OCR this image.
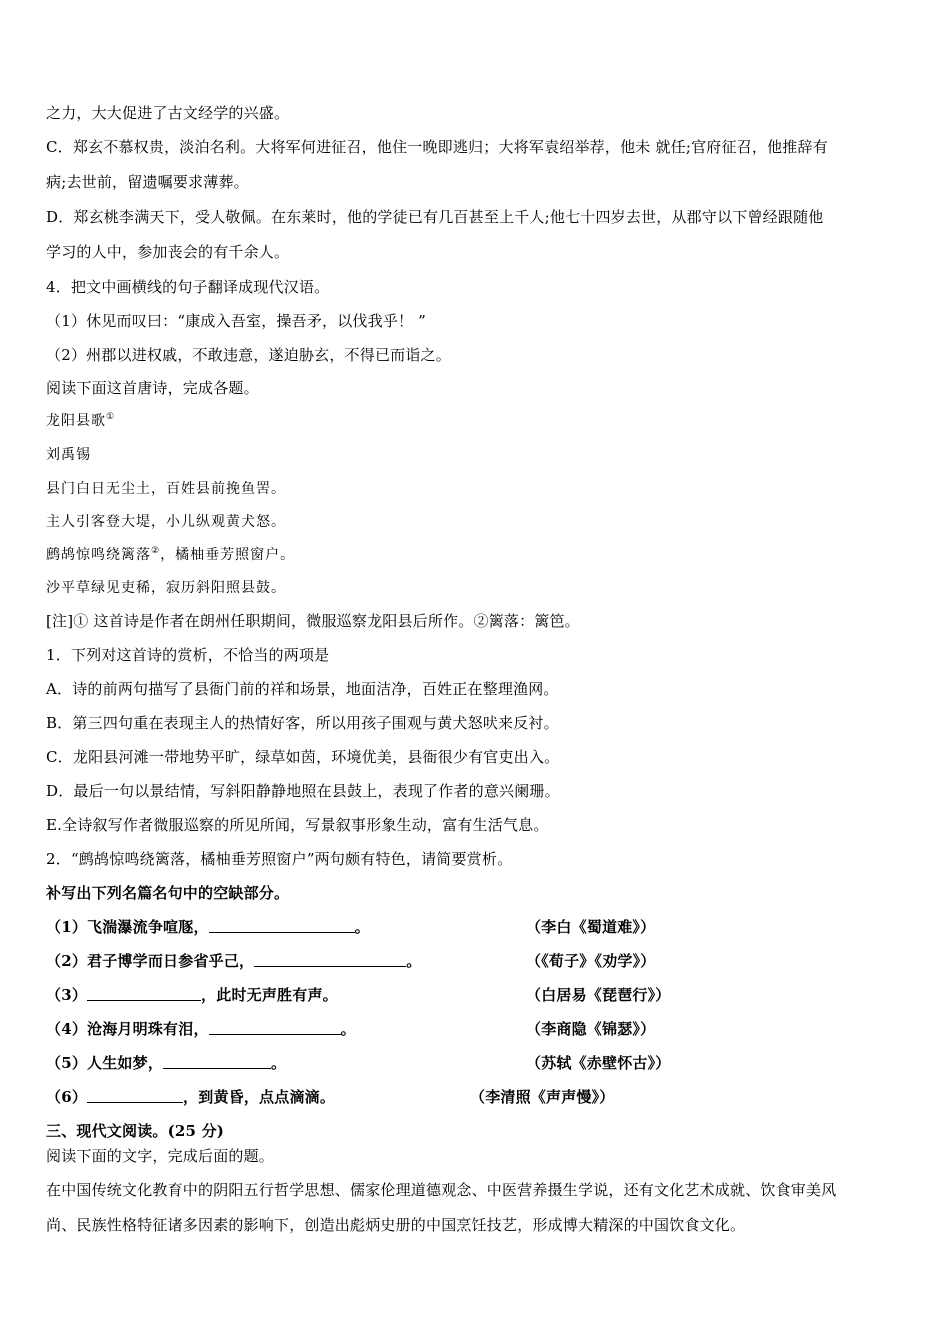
之力，大大促进了古文经学的兴盛。
C．郑玄不慕权贵，淡泊名利。大将军何进征召，他住一晚即逃归；大将军袁绍举荐，他未 就任;官府征召，他推辞有
病;去世前，留遗嘱要求薄葬。
D．郑玄桃李满天下，受人敬佩。在东莱时，他的学徒已有几百甚至上千人;他七十四岁去世，从郡守以下曾经跟随他
学习的人中，参加丧会的有千余人。
4．把文中画横线的句子翻译成现代汉语。
（1）休见而叹曰：“康成入吾室，操吾矛，以伐我乎！ ”
（2）州郡以进权戚，不敢违意，遂迫胁玄，不得已而诣之。
阅读下面这首唐诗，完成各题。
龙阳县歌①
刘禹锡
县门白日无尘土，百姓县前挽鱼罟。
主人引客登大堤，小儿纵观黄犬怒。
鹧鸪惊鸣绕篱落②，橘柚垂芳照窗户。
沙平草绿见吏稀，寂历斜阳照县鼓。
[注]① 这首诗是作者在朗州任职期间，微服巡察龙阳县后所作。②篱落：篱笆。
1．下列对这首诗的赏析，不恰当的两项是
A．诗的前两句描写了县衙门前的祥和场景，地面洁净，百姓正在整理渔网。
B．第三四句重在表现主人的热情好客，所以用孩子围观与黄犬怒吠来反衬。
C．龙阳县河滩一带地势平旷，绿草如茵，环境优美，县衙很少有官吏出入。
D．最后一句以景结情，写斜阳静静地照在县鼓上，表现了作者的意兴阑珊。
E.全诗叙写作者微服巡察的所见所闻，写景叙事形象生动，富有生活气息。
2．“鹧鸪惊鸣绕篱落，橘柚垂芳照窗户”两句颇有特色，请简要赏析。
补写出下列名篇名句中的空缺部分。
（1）飞湍瀑流争喧豗，	。	（李白《蜀道难》）
（2）君子博学而日参省乎己，	。	（《荀子》《劝学》）
（3）	，此时无声胜有声。	（白居易《琵琶行》）
（4）沧海月明珠有泪，	。	（李商隐《锦瑟》）
（5）人生如梦，	。	（苏轼《赤壁怀古》）
（6）	，到黄昏，点点滴滴。	（李清照《声声慢》）
三、现代文阅读。(25 分)
阅读下面的文字，完成后面的题。
在中国传统文化教育中的阴阳五行哲学思想、儒家伦理道德观念、中医营养摄生学说，还有文化艺术成就、饮食审美风
尚、民族性格特征诸多因素的影响下，创造出彪炳史册的中国烹饪技艺，形成博大精深的中国饮食文化。
